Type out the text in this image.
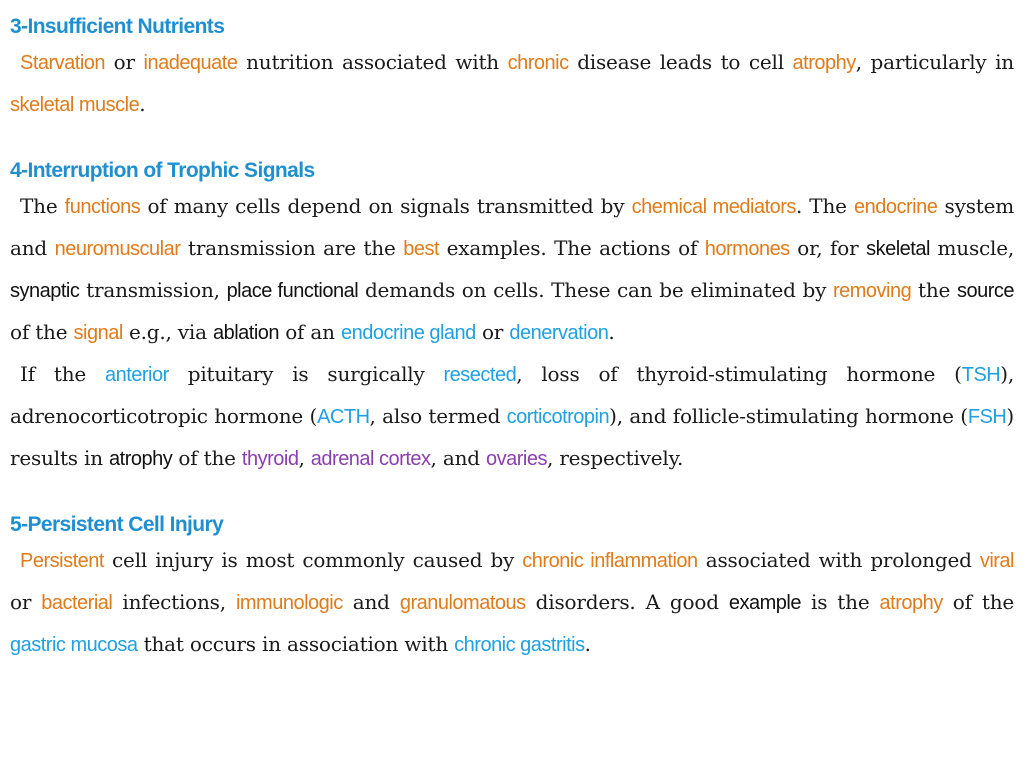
3-Insufficient Nutrients

Starvation or inadequate nutrition associated with chronic disease leads to cell atrophy, particularly in skeletal muscle.

4-Interruption of Trophic Signals

The functions of many cells depend on signals transmitted by chemical mediators. The endocrine system and neuromuscular transmission are the best examples. The actions of hormones or, for skeletal muscle, synaptic transmission, place functional demands on cells. These can be eliminated by removing the source of the signal e.g., via ablation of an endocrine gland or denervation.

If the anterior pituitary is surgically resected, loss of thyroid-stimulating hormone (TSH), adrenocorticotropic hormone (ACTH, also termed corticotropin), and follicle-stimulating hormone (FSH) results in atrophy of the thyroid, adrenal cortex, and ovaries, respectively.

5-Persistent Cell Injury

Persistent cell injury is most commonly caused by chronic inflammation associated with prolonged viral or bacterial infections, immunologic and granulomatous disorders. A good example is the atrophy of the gastric mucosa that occurs in association with chronic gastritis.
